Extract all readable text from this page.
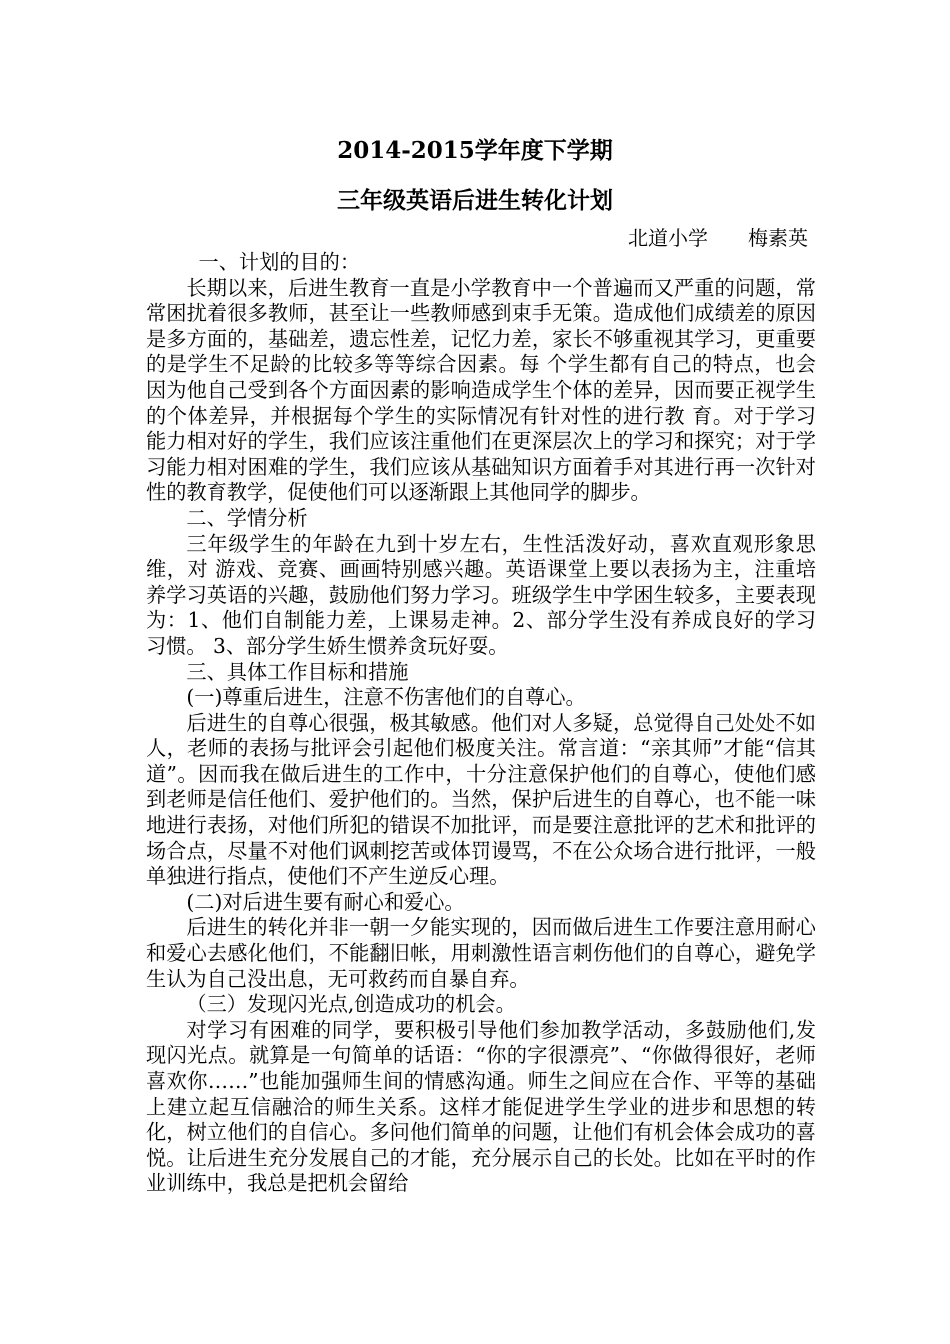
2014-2015学年度下学期
三年级英语后进生转化计划

北道小学　　梅素英

一、计划的目的：

长期以来，后进生教育一直是小学教育中一个普遍而又严重的问题，常常困扰着很多教师，甚至让一些教师感到束手无策。造成他们成绩差的原因是多方面的，基础差，遗忘性差，记忆力差，家长不够重视其学习，更重要的是学生不足龄的比较多等等综合因素。每 个学生都有自己的特点，也会因为他自己受到各个方面因素的影响造成学生个体的差异，因而要正视学生的个体差异，并根据每个学生的实际情况有针对性的进行教 育。对于学习能力相对好的学生，我们应该注重他们在更深层次上的学习和探究；对于学习能力相对困难的学生，我们应该从基础知识方面着手对其进行再一次针对 性的教育教学，促使他们可以逐渐跟上其他同学的脚步。

二、学情分析

三年级学生的年龄在九到十岁左右，生性活泼好动，喜欢直观形象思维，对 游戏、竞赛、画画特别感兴趣。英语课堂上要以表扬为主，注重培养学习英语的兴趣，鼓励他们努力学习。班级学生中学困生较多，主要表现为：1、他们自制能力差，上课易走神。2、部分学生没有养成良好的学习习惯。 3、部分学生娇生惯养贪玩好耍。

三、具体工作目标和措施

(一)尊重后进生，注意不伤害他们的自尊心。

后进生的自尊心很强，极其敏感。他们对人多疑，总觉得自己处处不如人，老师的表扬与批评会引起他们极度关注。常言道：“亲其师”才能“信其道”。因而我在做后进生的工作中，十分注意保护他们的自尊心，使他们感到老师是信任他们、爱护他们的。当然，保护后进生的自尊心，也不能一味地进行表扬，对他们所犯的错误不加批评，而是要注意批评的艺术和批评的场合点，尽量不对他们讽刺挖苦或体罚谩骂，不在公众场合进行批评，一般单独进行指点，使他们不产生逆反心理。

(二)对后进生要有耐心和爱心。

后进生的转化并非一朝一夕能实现的，因而做后进生工作要注意用耐心和爱心去感化他们，不能翻旧帐，用刺激性语言刺伤他们的自尊心，避免学生认为自己没出息，无可救药而自暴自弃。

（三）发现闪光点,创造成功的机会。

对学习有困难的同学，要积极引导他们参加教学活动，多鼓励他们,发现闪光点。就算是一句简单的话语：“你的字很漂亮”、“你做得很好，老师喜欢你……”也能加强师生间的情感沟通。师生之间应在合作、平等的基础上建立起互信融洽的师生关系。这样才能促进学生学业的进步和思想的转化，树立他们的自信心。多问他们简单的问题，让他们有机会体会成功的喜悦。让后进生充分发展自己的才能，充分展示自己的长处。比如在平时的作业训练中，我总是把机会留给
